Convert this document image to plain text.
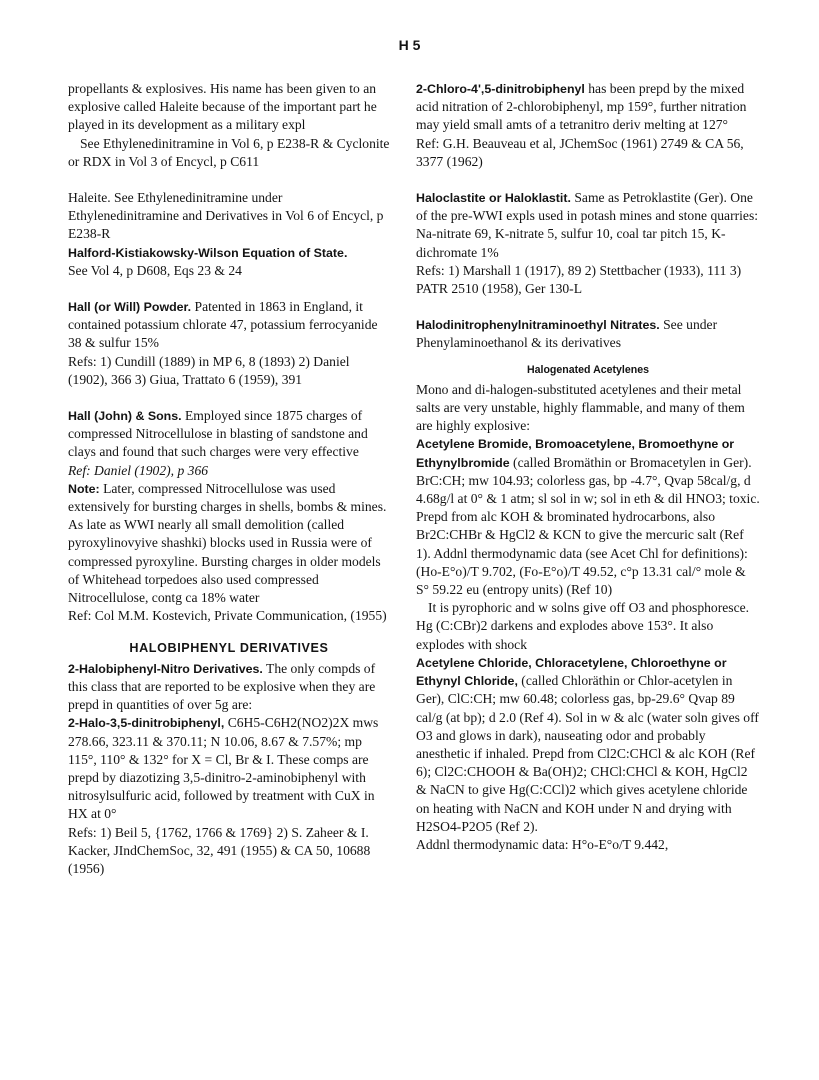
H 5

propellants & explosives. His name has been given to an explosive called Haleite because of the important part he played in its development as a military expl

See Ethylenedinitramine in Vol 6, p E238-R & Cyclonite or RDX in Vol 3 of Encycl, p C611

Haleite. See Ethylenedinitramine under Ethylenedinitramine and Derivatives in Vol 6 of Encycl, p E238-R

Halford-Kistiakowsky-Wilson Equation of State.
See Vol 4, p D608, Eqs 23 & 24

Hall (or Will) Powder. Patented in 1863 in England, it contained potassium chlorate 47, potassium ferrocyanide 38 & sulfur 15%

Refs: 1) Cundill (1889) in MP 6, 8 (1893) 2) Daniel (1902), 366 3) Giua, Trattato 6 (1959), 391

Hall (John) & Sons. Employed since 1875 charges of compressed Nitrocellulose in blasting of sandstone and clays and found that such charges were very effective

Ref: Daniel (1902), p 366

Note: Later, compressed Nitrocellulose was used extensively for bursting charges in shells, bombs & mines. As late as WWI nearly all small demolition (called pyroxylinovyive shashki) blocks used in Russia were of compressed pyroxyline. Bursting charges in older models of Whitehead torpedoes also used compressed Nitrocellulose, contg ca 18% water

Ref: Col M.M. Kostevich, Private Communication, (1955)

HALOBIPHENYL DERIVATIVES

2-Halobiphenyl-Nitro Derivatives. The only compds of this class that are reported to be explosive when they are prepd in quantities of over 5g are:

2-Halo-3,5-dinitrobiphenyl, C6H5-C6H2(NO2)2X mws 278.66, 323.11 & 370.11; N 10.06, 8.67 & 7.57%; mp 115°, 110° & 132° for X = Cl, Br & I. These comps are prepd by diazotizing 3,5-dinitro-2-aminobiphenyl with nitrosylsulfuric acid, followed by treatment with CuX in HX at 0°

Refs: 1) Beil 5, {1762, 1766 & 1769} 2) S. Zaheer & I. Kacker, JIndChemSoc, 32, 491 (1955) & CA 50, 10688 (1956)

2-Chloro-4',5-dinitrobiphenyl has been prepd by the mixed acid nitration of 2-chlorobiphenyl, mp 159°, further nitration may yield small amts of a tetranitro deriv melting at 127°

Ref: G.H. Beauveau et al, JChemSoc (1961) 2749 & CA 56, 3377 (1962)

Haloclastite or Haloklastit. Same as Petroklastite (Ger). One of the pre-WWI expls used in potash mines and stone quarries: Na-nitrate 69, K-nitrate 5, sulfur 10, coal tar pitch 15, K-dichromate 1%

Refs: 1) Marshall 1 (1917), 89 2) Stettbacher (1933), 111 3) PATR 2510 (1958), Ger 130-L

Halodinitrophenylnitraminoethyl Nitrates. See under Phenylaminoethanol & its derivatives

Halogenated Acetylenes

Mono and di-halogen-substituted acetylenes and their metal salts are very unstable, highly flammable, and many of them are highly explosive:

Acetylene Bromide, Bromoacetylene, Bromoethyne or Ethynylbromide (called Bromäthin or Bromacetylen in Ger). BrC:CH; mw 104.93; colorless gas, bp -4.7°, Qvap 58cal/g, d 4.68g/l at 0° & 1 atm; sl sol in w; sol in eth & dil HNO3; toxic. Prepd from alc KOH & brominated hydrocarbons, also Br2C:CHBr & HgCl2 & KCN to give the mercuric salt (Ref 1). Addnl thermodynamic data (see Acet Chl for definitions): (Ho-E°o)/T 9.702, (Fo-E°o)/T 49.52, c°p 13.31 cal/° mole & S° 59.22 eu (entropy units) (Ref 10)

It is pyrophoric and w solns give off O3 and phosphoresce. Hg (C:CBr)2 darkens and explodes above 153°. It also explodes with shock

Acetylene Chloride, Chloracetylene, Chloroethyne or Ethynyl Chloride, (called Chloräthin or Chlor-acetylen in Ger), ClC:CH; mw 60.48; colorless gas, bp-29.6° Qvap 89 cal/g (at bp); d 2.0 (Ref 4). Sol in w & alc (water soln gives off O3 and glows in dark), nauseating odor and probably anesthetic if inhaled. Prepd from Cl2C:CHCl & alc KOH (Ref 6); Cl2C:CHOOH & Ba(OH)2; CHCl:CHCl & KOH, HgCl2 & NaCN to give Hg(C:CCl)2 which gives acetylene chloride on heating with NaCN and KOH under N and drying with H2SO4-P2O5 (Ref 2).

Addnl thermodynamic data: H°o-E°o/T 9.442,
